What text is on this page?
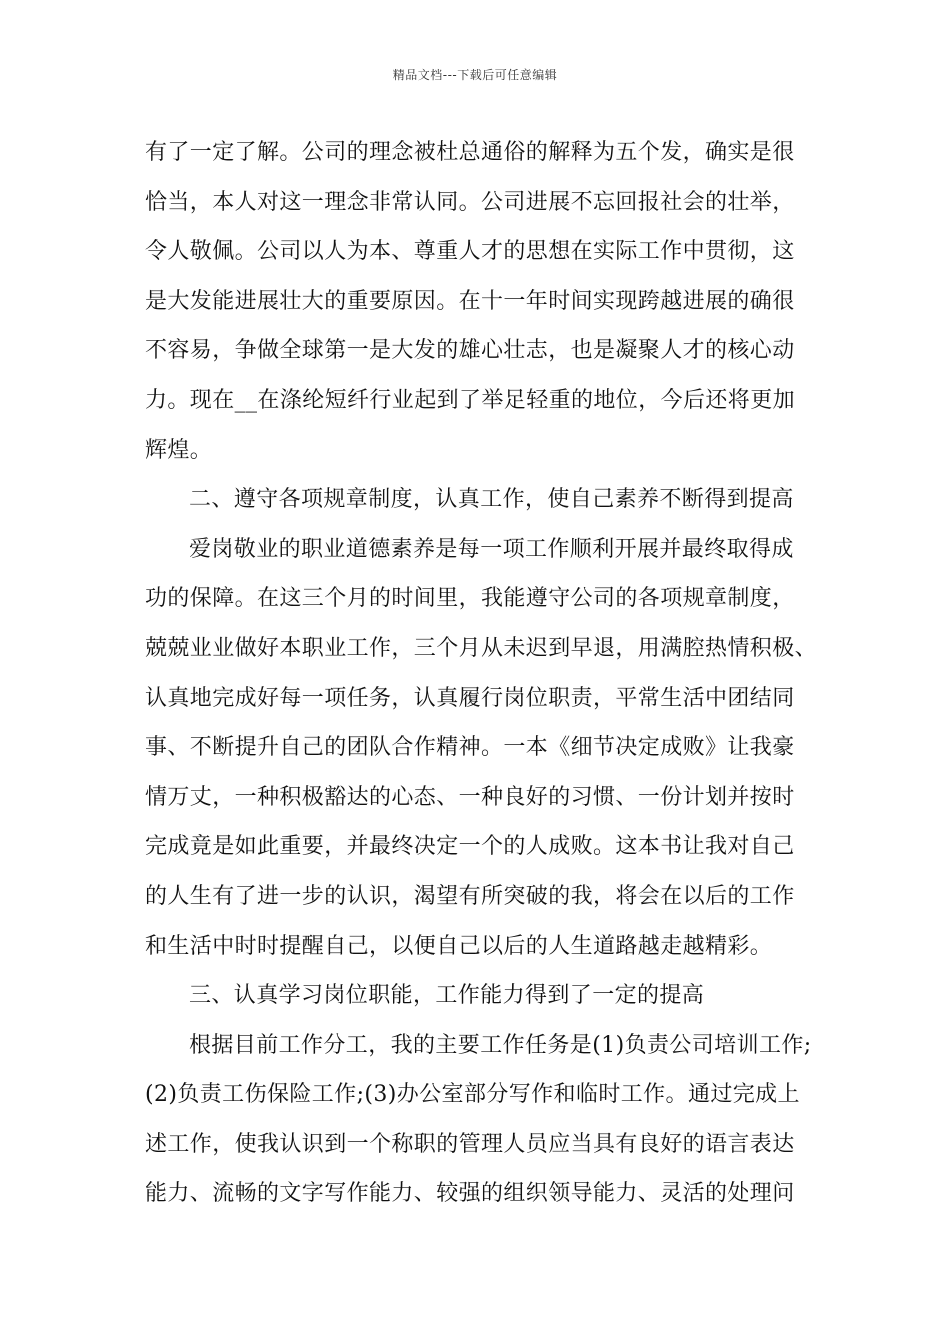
精品文档---下载后可任意编辑
有了一定了解。公司的理念被杜总通俗的解释为五个发，确实是很
恰当，本人对这一理念非常认同。公司进展不忘回报社会的壮举，
令人敬佩。公司以人为本、尊重人才的思想在实际工作中贯彻，这
是大发能进展壮大的重要原因。在十一年时间实现跨越进展的确很
不容易，争做全球第一是大发的雄心壮志，也是凝聚人才的核心动
力。现在__在涤纶短纤行业起到了举足轻重的地位，今后还将更加
辉煌。
二、遵守各项规章制度，认真工作，使自己素养不断得到提高
爱岗敬业的职业道德素养是每一项工作顺利开展并最终取得成
功的保障。在这三个月的时间里，我能遵守公司的各项规章制度，
兢兢业业做好本职业工作，三个月从未迟到早退，用满腔热情积极、
认真地完成好每一项任务，认真履行岗位职责，平常生活中团结同
事、不断提升自己的团队合作精神。一本《细节决定成败》让我豪
情万丈，一种积极豁达的心态、一种良好的习惯、一份计划并按时
完成竟是如此重要，并最终决定一个的人成败。这本书让我对自己
的人生有了进一步的认识，渴望有所突破的我，将会在以后的工作
和生活中时时提醒自己，以便自己以后的人生道路越走越精彩。
三、认真学习岗位职能，工作能力得到了一定的提高
根据目前工作分工，我的主要工作任务是(1)负责公司培训工作;
(2)负责工伤保险工作;(3)办公室部分写作和临时工作。通过完成上
述工作，使我认识到一个称职的管理人员应当具有良好的语言表达
能力、流畅的文字写作能力、较强的组织领导能力、灵活的处理问
